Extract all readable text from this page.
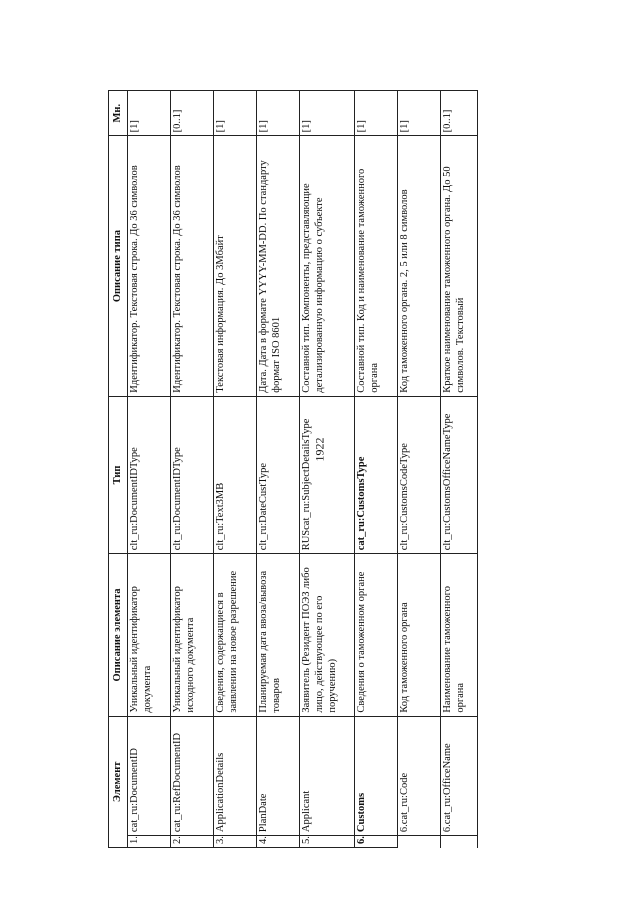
1922
Элемент		Описание элемента	Тип	Описание типа	Мн.
1.	cat_ru:DocumentID	Уникальный идентификатор документа	clt_ru:DocumentIDType	Идентификатор. Текстовая строка. До 36 символов	[1]
2.	cat_ru:RefDocumentID	Уникальный идентификатор исходного документа	clt_ru:DocumentIDType	Идентификатор. Текстовая строка. До 36 символов	[0..1]
3.	ApplicationDetails	Сведения, содержащиеся в заявлении на новое разрешение	clt_ru:Text3MB	Текстовая информация. До 3Мбайт	[1]
4.	PlanDate	Планируемая дата ввоза/вывоза товаров	clt_ru:DateCustType	Дата. Дата в формате YYYY-MM-DD. По стандарту формат ISO 8601	[1]
5.	Applicant	Заявитель (Резидент ПОЭЗ либо лицо, действующее по его поручению)	RUScat_ru:SubjectDetailsType	Составной тип. Компоненты, представляющие детализированную информацию о субъекте	[1]
6.	Customs	Сведения о таможенном органе	cat_ru:CustomsType	Составной тип. Код и наименование таможенного органа	[1]
	6.cat_ru:Code	Код таможенного органа	clt_ru:CustomsCodeType	Код таможенного органа. 2, 5 или 8 символов	[1]
	6.cat_ru:OfficeName	Наименование таможенного органа	clt_ru:CustomsOfficeNameType	Краткое наименование таможенного органа. До 50 символов. Текстовый	[0..1]
